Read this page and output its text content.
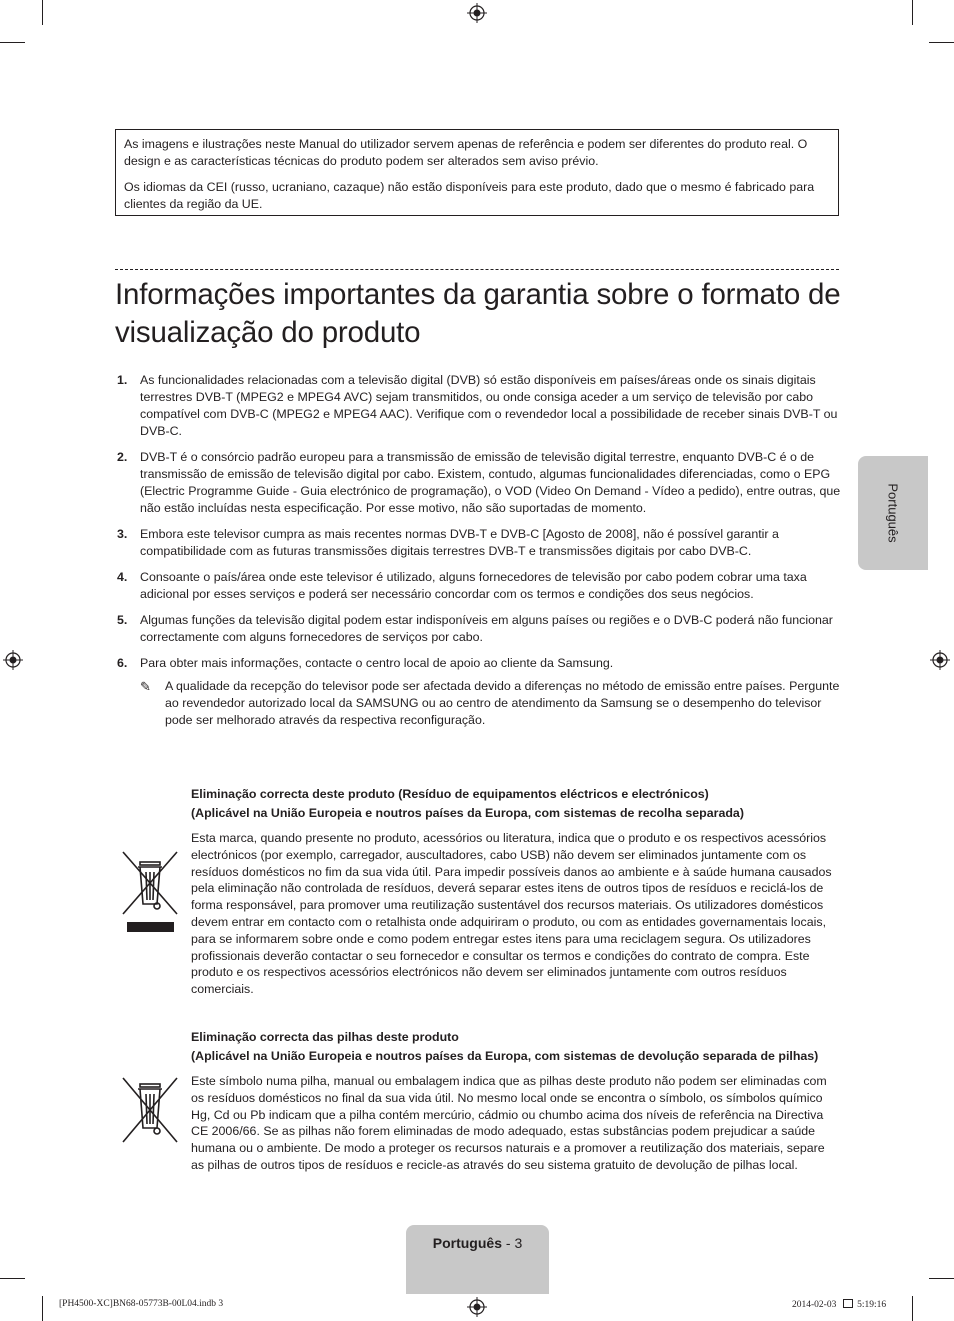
As imagens e ilustrações neste Manual do utilizador servem apenas de referência e podem ser diferentes do produto real. O design e as características técnicas do produto podem ser alterados sem aviso prévio.

Os idiomas da CEI (russo, ucraniano, cazaque) não estão disponíveis para este produto, dado que o mesmo é fabricado para clientes da região da UE.

Informações importantes da garantia sobre o formato de visualização do produto
1. As funcionalidades relacionadas com a televisão digital (DVB) só estão disponíveis em países/áreas onde os sinais digitais terrestres DVB-T (MPEG2 e MPEG4 AVC) sejam transmitidos, ou onde consiga aceder a um serviço de televisão por cabo compatível com DVB-C (MPEG2 e MPEG4 AAC). Verifique com o revendedor local a possibilidade de receber sinais DVB-T ou DVB-C.
2. DVB-T é o consórcio padrão europeu para a transmissão de emissão de televisão digital terrestre, enquanto DVB-C é o de transmissão de emissão de televisão digital por cabo. Existem, contudo, algumas funcionalidades diferenciadas, como o EPG (Electric Programme Guide - Guia electrónico de programação), o VOD (Video On Demand - Vídeo a pedido), entre outras, que não estão incluídas nesta especificação. Por esse motivo, não são suportadas de momento.
3. Embora este televisor cumpra as mais recentes normas DVB-T e DVB-C [Agosto de 2008], não é possível garantir a compatibilidade com as futuras transmissões digitais terrestres DVB-T e transmissões digitais por cabo DVB-C.
4. Consoante o país/área onde este televisor é utilizado, alguns fornecedores de televisão por cabo podem cobrar uma taxa adicional por esses serviços e poderá ser necessário concordar com os termos e condições dos seus negócios.
5. Algumas funções da televisão digital podem estar indisponíveis em alguns países ou regiões e o DVB-C poderá não funcionar correctamente com alguns fornecedores de serviços por cabo.
6. Para obter mais informações, contacte o centro local de apoio ao cliente da Samsung.
✎ A qualidade da recepção do televisor pode ser afectada devido a diferenças no método de emissão entre países. Pergunte ao revendedor autorizado local da SAMSUNG ou ao centro de atendimento da Samsung se o desempenho do televisor pode ser melhorado através da respectiva reconfiguração.
Eliminação correcta deste produto (Resíduo de equipamentos eléctricos e electrónicos)
(Aplicável na União Europeia e noutros países da Europa, com sistemas de recolha separada)

Esta marca, quando presente no produto, acessórios ou literatura, indica que o produto e os respectivos acessórios electrónicos (por exemplo, carregador, auscultadores, cabo USB) não devem ser eliminados juntamente com os resíduos domésticos no fim da sua vida útil. Para impedir possíveis danos ao ambiente e à saúde humana causados pela eliminação não controlada de resíduos, deverá separar estes itens de outros tipos de resíduos e reciclá-los de forma responsável, para promover uma reutilização sustentável dos recursos materiais. Os utilizadores domésticos devem entrar em contacto com o retalhista onde adquiriram o produto, ou com as entidades governamentais locais, para se informarem sobre onde e como podem entregar estes itens para uma reciclagem segura. Os utilizadores profissionais deverão contactar o seu fornecedor e consultar os termos e condições do contrato de compra. Este produto e os respectivos acessórios electrónicos não devem ser eliminados juntamente com outros resíduos comerciais.

Eliminação correcta das pilhas deste produto
(Aplicável na União Europeia e noutros países da Europa, com sistemas de devolução separada de pilhas)

Este símbolo numa pilha, manual ou embalagem indica que as pilhas deste produto não podem ser eliminadas com os resíduos domésticos no final da sua vida útil. No mesmo local onde se encontra o símbolo, os símbolos químico Hg, Cd ou Pb indicam que a pilha contém mercúrio, cádmio ou chumbo acima dos níveis de referência na Directiva CE 2006/66. Se as pilhas não forem eliminadas de modo adequado, estas substâncias podem prejudicar a saúde humana ou o ambiente. De modo a proteger os recursos naturais e a promover a reutilização dos materiais, separe as pilhas de outros tipos de resíduos e recicle-as através do seu sistema gratuito de devolução de pilhas local.

Português
Português - 3
[PH4500-XC]BN68-05773B-00L04.indb 3	2014-02-03 5:19:16
